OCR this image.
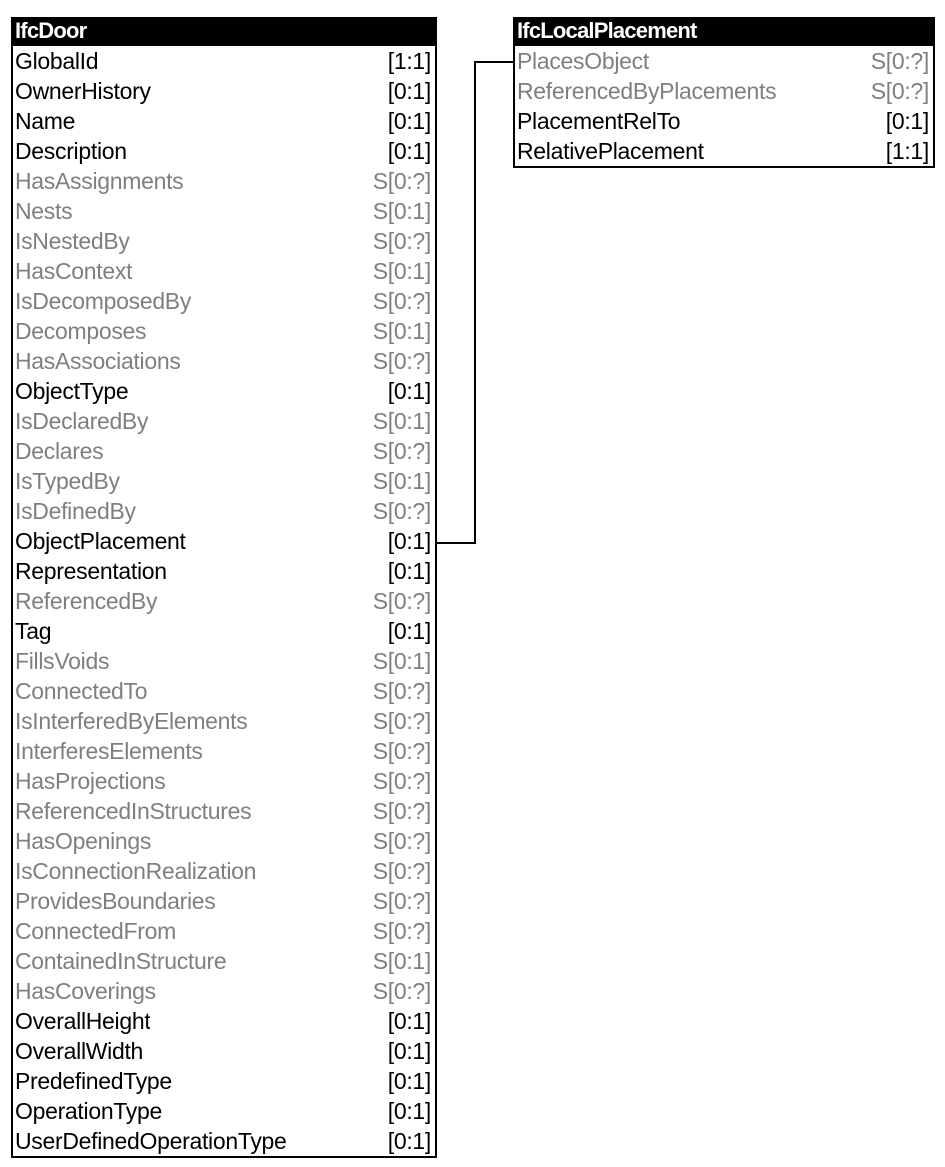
IfcDoor
GlobalId	[1:1]
OwnerHistory	[0:1]
Name	[0:1]
Description	[0:1]
HasAssignments	S[0:?]
Nests	S[0:1]
IsNestedBy	S[0:?]
HasContext	S[0:1]
IsDecomposedBy	S[0:?]
Decomposes	S[0:1]
HasAssociations	S[0:?]
ObjectType	[0:1]
IsDeclaredBy	S[0:1]
Declares	S[0:?]
IsTypedBy	S[0:1]
IsDefinedBy	S[0:?]
ObjectPlacement	[0:1]
Representation	[0:1]
ReferencedBy	S[0:?]
Tag	[0:1]
FillsVoids	S[0:1]
ConnectedTo	S[0:?]
IsInterferedByElements	S[0:?]
InterferesElements	S[0:?]
HasProjections	S[0:?]
ReferencedInStructures	S[0:?]
HasOpenings	S[0:?]
IsConnectionRealization	S[0:?]
ProvidesBoundaries	S[0:?]
ConnectedFrom	S[0:?]
ContainedInStructure	S[0:1]
HasCoverings	S[0:?]
OverallHeight	[0:1]
OverallWidth	[0:1]
PredefinedType	[0:1]
OperationType	[0:1]
UserDefinedOperationType	[0:1]
IfcLocalPlacement
PlacesObject	S[0:?]
ReferencedByPlacements	S[0:?]
PlacementRelTo	[0:1]
RelativePlacement	[1:1]
